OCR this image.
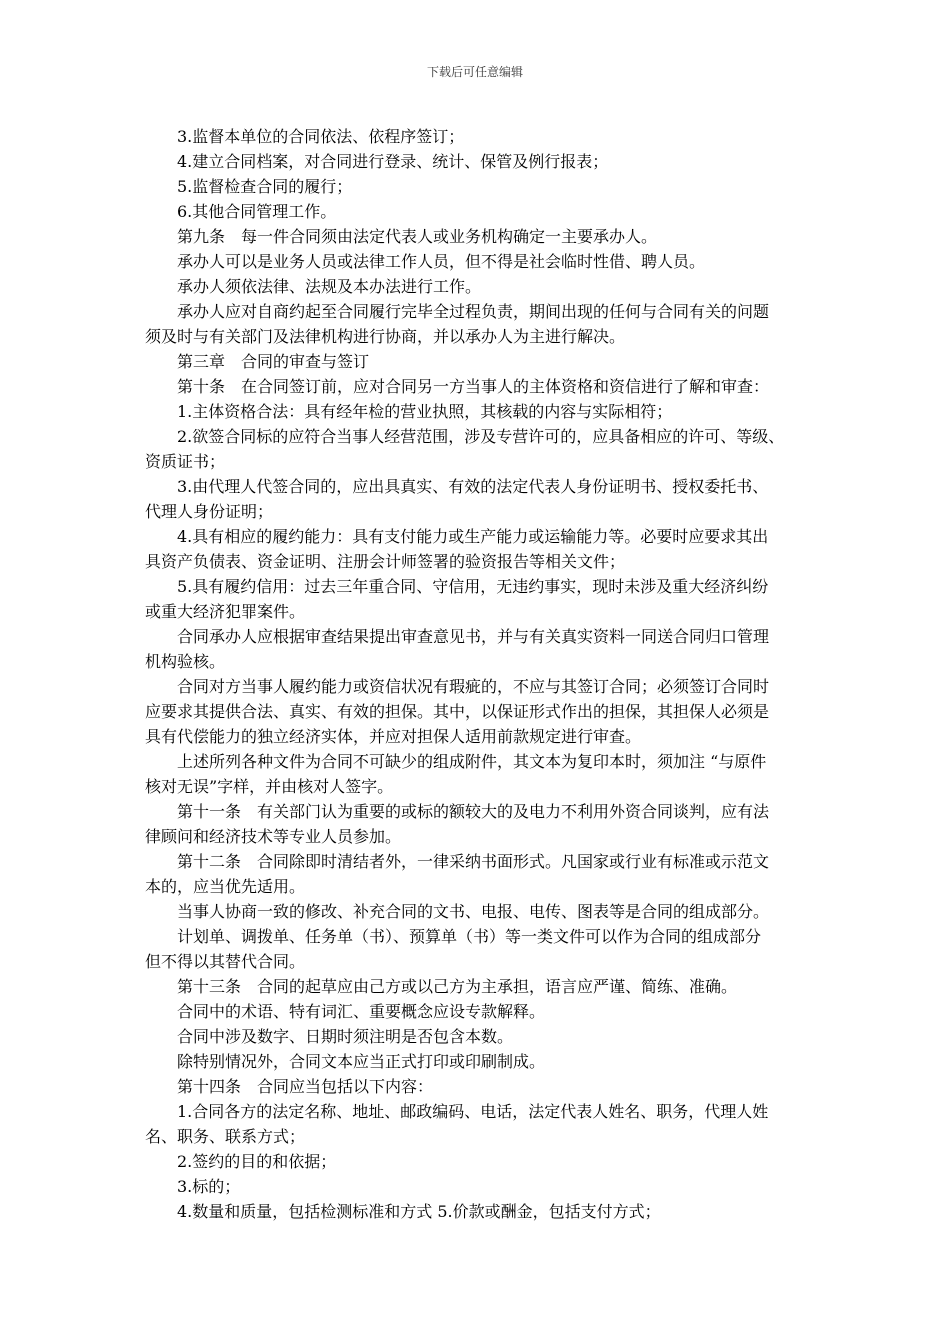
下载后可任意编辑

3.监督本单位的合同依法、依程序签订；

4.建立合同档案，对合同进行登录、统计、保管及例行报表；

5.监督检查合同的履行；

6.其他合同管理工作。

第九条　每一件合同须由法定代表人或业务机构确定一主要承办人。

承办人可以是业务人员或法律工作人员，但不得是社会临时性借、聘人员。

承办人须依法律、法规及本办法进行工作。

承办人应对自商约起至合同履行完毕全过程负责，期间出现的任何与合同有关的问题
须及时与有关部门及法律机构进行协商，并以承办人为主进行解决。

第三章　合同的审查与签订

第十条　在合同签订前，应对合同另一方当事人的主体资格和资信进行了解和审查：

1.主体资格合法：具有经年检的营业执照，其核载的内容与实际相符；

2.欲签合同标的应符合当事人经营范围，涉及专营许可的，应具备相应的许可、等级、
资质证书；

3.由代理人代签合同的，应出具真实、有效的法定代表人身份证明书、授权委托书、
代理人身份证明；

4.具有相应的履约能力：具有支付能力或生产能力或运输能力等。必要时应要求其出
具资产负债表、资金证明、注册会计师签署的验资报告等相关文件；

5.具有履约信用：过去三年重合同、守信用，无违约事实，现时未涉及重大经济纠纷
或重大经济犯罪案件。

合同承办人应根据审查结果提出审查意见书，并与有关真实资料一同送合同归口管理
机构验核。

合同对方当事人履约能力或资信状况有瑕疵的，不应与其签订合同；必须签订合同时
应要求其提供合法、真实、有效的担保。其中，以保证形式作出的担保，其担保人必须是
具有代偿能力的独立经济实体，并应对担保人适用前款规定进行审查。

上述所列各种文件为合同不可缺少的组成附件，其文本为复印本时，须加注 “与原件
核对无误”字样，并由核对人签字。

第十一条　有关部门认为重要的或标的额较大的及电力不利用外资合同谈判，应有法
律顾问和经济技术等专业人员参加。

第十二条　合同除即时清结者外，一律采纳书面形式。凡国家或行业有标准或示范文
本的，应当优先适用。

当事人协商一致的修改、补充合同的文书、电报、电传、图表等是合同的组成部分。

计划单、调拨单、任务单（书）、预算单（书）等一类文件可以作为合同的组成部分
但不得以其替代合同。

第十三条　合同的起草应由己方或以己方为主承担，语言应严谨、简练、准确。

合同中的术语、特有词汇、重要概念应设专款解释。

合同中涉及数字、日期时须注明是否包含本数。

除特别情况外，合同文本应当正式打印或印刷制成。

第十四条　合同应当包括以下内容：

1.合同各方的法定名称、地址、邮政编码、电话，法定代表人姓名、职务，代理人姓
名、职务、联系方式；

2.签约的目的和依据；

3.标的；

4.数量和质量，包括检测标准和方式 5.价款或酬金，包括支付方式；
